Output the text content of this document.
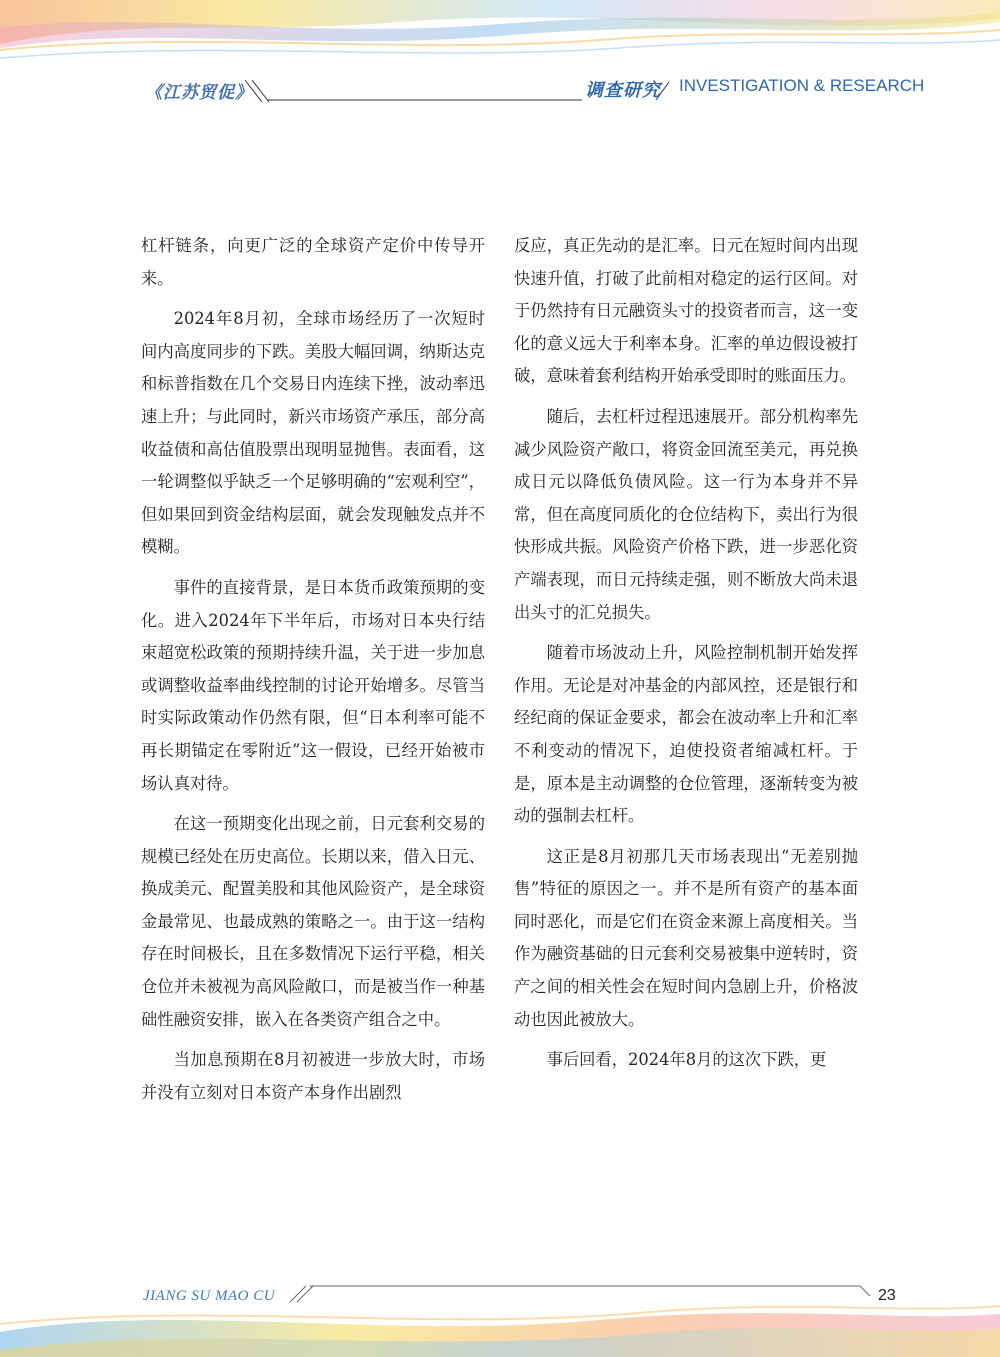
《江苏贸促》	调查研究 INVESTIGATION & RESEARCH

杠杆链条，向更广泛的全球资产定价中传导开来。

2024年8月初，全球市场经历了一次短时间内高度同步的下跌。美股大幅回调，纳斯达克和标普指数在几个交易日内连续下挫，波动率迅速上升；与此同时，新兴市场资产承压，部分高收益债和高估值股票出现明显抛售。表面看，这一轮调整似乎缺乏一个足够明确的“宏观利空”，但如果回到资金结构层面，就会发现触发点并不模糊。

事件的直接背景，是日本货币政策预期的变化。进入2024年下半年后，市场对日本央行结束超宽松政策的预期持续升温，关于进一步加息或调整收益率曲线控制的讨论开始增多。尽管当时实际政策动作仍然有限，但“日本利率可能不再长期锚定在零附近”这一假设，已经开始被市场认真对待。

在这一预期变化出现之前，日元套利交易的规模已经处在历史高位。长期以来，借入日元、换成美元、配置美股和其他风险资产，是全球资金最常见、也最成熟的策略之一。由于这一结构存在时间极长，且在多数情况下运行平稳，相关仓位并未被视为高风险敞口，而是被当作一种基础性融资安排，嵌入在各类资产组合之中。

当加息预期在8月初被进一步放大时，市场并没有立刻对日本资产本身作出剧烈

反应，真正先动的是汇率。日元在短时间内出现快速升值，打破了此前相对稳定的运行区间。对于仍然持有日元融资头寸的投资者而言，这一变化的意义远大于利率本身。汇率的单边假设被打破，意味着套利结构开始承受即时的账面压力。

随后，去杠杆过程迅速展开。部分机构率先减少风险资产敞口，将资金回流至美元，再兑换成日元以降低负债风险。这一行为本身并不异常，但在高度同质化的仓位结构下，卖出行为很快形成共振。风险资产价格下跌，进一步恶化资产端表现，而日元持续走强，则不断放大尚未退出头寸的汇兑损失。

随着市场波动上升，风险控制机制开始发挥作用。无论是对冲基金的内部风控，还是银行和经纪商的保证金要求，都会在波动率上升和汇率不利变动的情况下，迫使投资者缩减杠杆。于是，原本是主动调整的仓位管理，逐渐转变为被动的强制去杠杆。

这正是8月初那几天市场表现出“无差别抛售”特征的原因之一。并不是所有资产的基本面同时恶化，而是它们在资金来源上高度相关。当作为融资基础的日元套利交易被集中逆转时，资产之间的相关性会在短时间内急剧上升，价格波动也因此被放大。

事后回看，2024年8月的这次下跌，更

JIANG SU MAO CU	23
